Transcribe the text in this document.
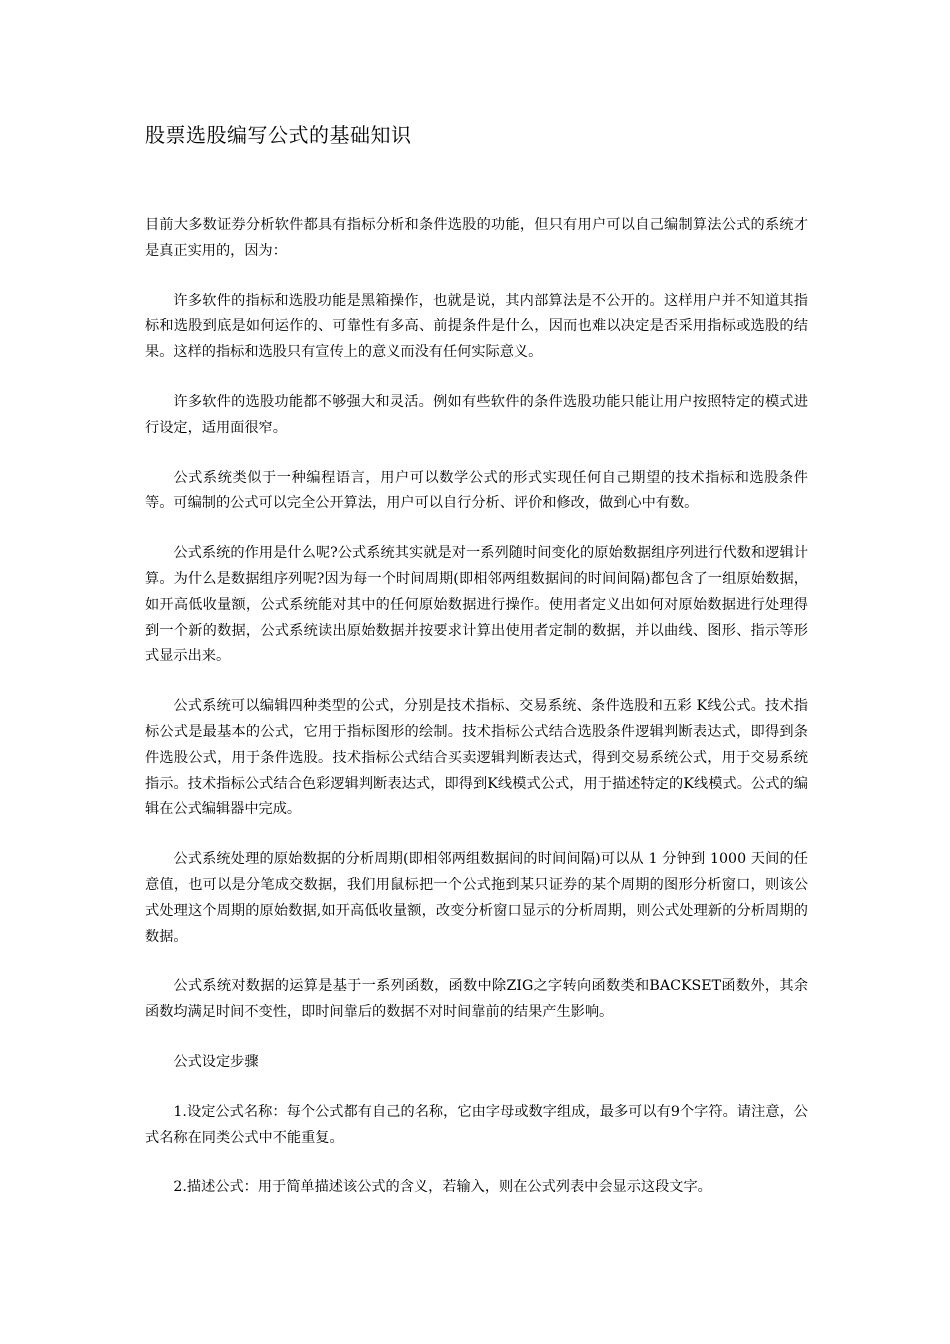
股票选股编写公式的基础知识

目前大多数证券分析软件都具有指标分析和条件选股的功能，但只有用户可以自己编制算法公式的系统才是真正实用的，因为：

许多软件的指标和选股功能是黑箱操作，也就是说，其内部算法是不公开的。这样用户并不知道其指标和选股到底是如何运作的、可靠性有多高、前提条件是什么，因而也难以决定是否采用指标或选股的结果。这样的指标和选股只有宣传上的意义而没有任何实际意义。

许多软件的选股功能都不够强大和灵活。例如有些软件的条件选股功能只能让用户按照特定的模式进行设定，适用面很窄。

公式系统类似于一种编程语言，用户可以数学公式的形式实现任何自己期望的技术指标和选股条件等。可编制的公式可以完全公开算法，用户可以自行分析、评价和修改，做到心中有数。

公式系统的作用是什么呢?公式系统其实就是对一系列随时间变化的原始数据组序列进行代数和逻辑计算。为什么是数据组序列呢?因为每一个时间周期(即相邻两组数据间的时间间隔)都包含了一组原始数据，如开高低收量额，公式系统能对其中的任何原始数据进行操作。使用者定义出如何对原始数据进行处理得到一个新的数据，公式系统读出原始数据并按要求计算出使用者定制的数据，并以曲线、图形、指示等形式显示出来。

公式系统可以编辑四种类型的公式，分别是技术指标、交易系统、条件选股和五彩 K线公式。技术指标公式是最基本的公式，它用于指标图形的绘制。技术指标公式结合选股条件逻辑判断表达式，即得到条件选股公式，用于条件选股。技术指标公式结合买卖逻辑判断表达式，得到交易系统公式，用于交易系统指示。技术指标公式结合色彩逻辑判断表达式，即得到K线模式公式，用于描述特定的K线模式。公式的编辑在公式编辑器中完成。

公式系统处理的原始数据的分析周期(即相邻两组数据间的时间间隔)可以从 1 分钟到 1000 天间的任意值，也可以是分笔成交数据，我们用鼠标把一个公式拖到某只证券的某个周期的图形分析窗口，则该公式处理这个周期的原始数据,如开高低收量额，改变分析窗口显示的分析周期，则公式处理新的分析周期的数据。

公式系统对数据的运算是基于一系列函数，函数中除ZIG之字转向函数类和BACKSET函数外，其余函数均满足时间不变性，即时间靠后的数据不对时间靠前的结果产生影响。

公式设定步骤

1.设定公式名称：每个公式都有自己的名称，它由字母或数字组成，最多可以有9个字符。请注意，公式名称在同类公式中不能重复。

2.描述公式：用于简单描述该公式的含义，若输入，则在公式列表中会显示这段文字。
